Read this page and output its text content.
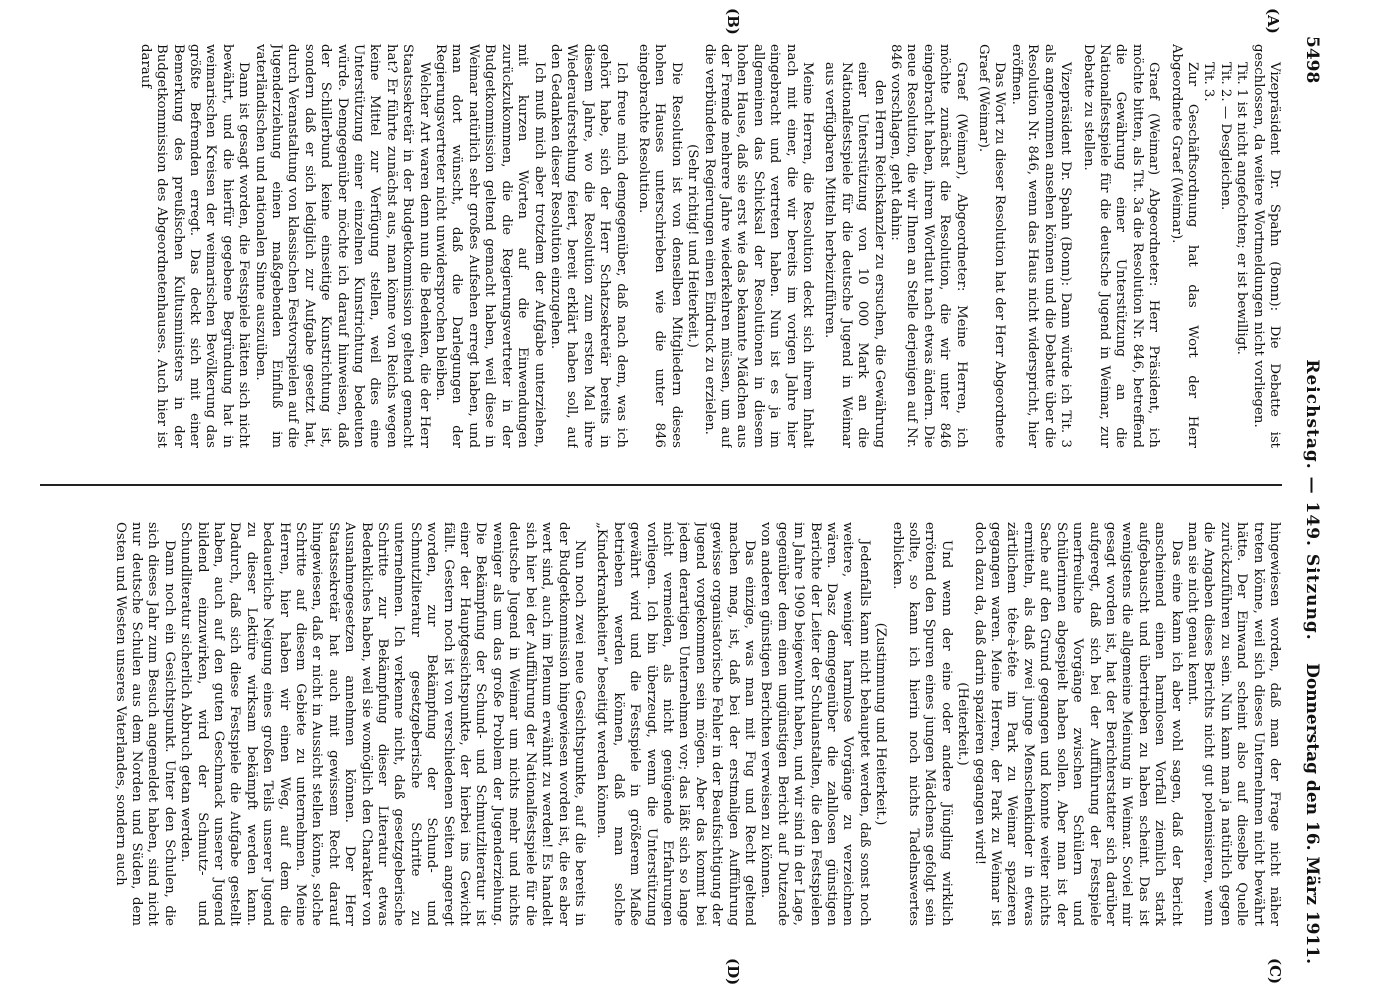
5498
Reichstag. — 149. Sitzung.
Donnerstag den 16. März 1911.
(A)
(B)
(C)
(D)

Vizepräsident Dr. Spahn (Bonn): Die Debatte ist geschlossen, da weitere Wortmeldungen nicht vorliegen.

Tit. 1 ist nicht angefochten; er ist bewilligt.

Tit. 2. — Desgleichen.

Tit. 3.

Zur Geschäftsordnung hat das Wort der Herr Abgeordnete Graef (Weimar).

Graef (Weimar) Abgeordneter: Herr Präsident, ich möchte bitten, als Tit. 3a die Resolution Nr. 846, betreffend die Gewährung einer Unterstützung an die Nationalfestspiele für die deutsche Jugend in Weimar, zur Debatte zu stellen.

Vizepräsident Dr. Spahn (Bonn): Dann würde ich Tit. 3 als angenommen ansehen können und die Debatte über die Resolution Nr. 846, wenn das Haus nicht widerspricht, hier eröffnen.

Das Wort zu dieser Resolution hat der Herr Abgeordnete Graef (Weimar).

Graef (Weimar), Abgeordneter: Meine Herren, ich möchte zunächst die Resolution, die wir unter 846 eingebracht haben, ihrem Wortlaut nach etwas ändern. Die neue Resolution, die wir Ihnen an Stelle derjenigen auf Nr. 846 vorschlagen, geht dahin:

den Herrn Reichskanzler zu ersuchen, die Gewährung einer Unterstützung von 10 000 Mark an die Nationalfestspiele für die deutsche Jugend in Weimar aus verfügbaren Mitteln herbeizuführen.

Meine Herren, die Resolution deckt sich ihrem Inhalt nach mit einer, die wir bereits im vorigen Jahre hier eingebracht und vertreten haben. Nun ist es ja im allgemeinen das Schicksal der Resolutionen in diesem hohen Hause, daß sie erst wie das bekannte Mädchen aus der Fremde mehrere Jahre wiederkehren müssen, um auf die verbündeten Regierungen einen Eindruck zu erzielen.

(Sehr richtig! und Heiterkeit.)

Die Resolution ist von denselben Mitgliedern dieses hohen Hauses unterschrieben wie die unter 846 eingebrachte Resolution.

Ich freue mich demgegenüber, daß nach dem, was ich gehört habe, sich der Herr Schatzsekretär bereits in diesem Jahre, wo die Resolution zum ersten Mal ihre Wiederauferstehung feiert, bereit erklärt haben soll, auf den Gedanken dieser Resolution einzugehen.

Ich muß mich aber trotzdem der Aufgabe unterziehen, mit kurzen Worten auf die Einwendungen zurückzukommen, die die Regierungsvertreter in der Budgetkommission geltend gemacht haben, weil diese in Weimar natürlich sehr großes Aufsehen erregt haben, und man dort wünscht, daß die Darlegungen der Regierungsvertreter nicht unwidersprochen bleiben.

Welcher Art waren denn nun die Bedenken, die der Herr Staatssekretär in der Budgetkommission geltend gemacht hat? Er führte zunächst aus, man könne von Reichs wegen keine Mittel zur Verfügung stellen, weil dies eine Unterstützung einer einzelnen Kunstrichtung bedeuten würde. Demgegenüber möchte ich darauf hinweisen, daß der Schillerbund keine einseitige Kunstrichtung ist, sondern daß er sich lediglich zur Aufgabe gesetzt hat, durch Veranstaltung von klassischen Festvorspielen auf die Jugenderziehung einen maßgebenden Einfluß im vaterländischen und nationalen Sinne auszuüben.

Dann ist gesagt worden, die Festspiele hätten sich nicht bewährt, und die hierfür gegebene Begründung hat in weimarischen Kreisen der weimarischen Bevölkerung das größte Befremden erregt. Das deckt sich mit einer Bemerkung des preußischen Kultusministers in der Budgetkommission des Abgeordnetenhauses. Auch hier ist darauf

hingewiesen worden, daß man der Frage nicht näher treten könne, weil sich dieses Unternehmen nicht bewährt hätte. Der Einwand scheint also auf dieselbe Quelle zurückzuführen zu sein. Nun kann man ja natürlich gegen die Angaben dieses Berichts nicht gut polemisieren, wenn man sie nicht genau kennt.

Das eine kann ich aber wohl sagen, daß der Bericht anscheinend einen harmlosen Vorfall ziemlich stark aufgebauscht und übertrieben zu haben scheint. Das ist wenigstens die allgemeine Meinung in Weimar. Soviel mir gesagt worden ist, hat der Berichterstatter sich darüber aufgeregt, daß sich bei der Aufführung der Festspiele unerfreuliche Vorgänge zwischen Schülern und Schülerinnen abgespielt haben sollen. Aber man ist der Sache auf den Grund gegangen und konnte weiter nichts ermitteln, als daß zwei junge Menschenkinder in etwas zärtlichem tête-à-tête im Park zu Weimar spazieren gegangen waren. Meine Herren, der Park zu Weimar ist doch dazu da, daß darin spazieren gegangen wird!

(Heiterkeit.)

Und wenn der eine oder andere Jüngling wirklich errötend den Spuren eines jungen Mädchens gefolgt sein sollte, so kann ich hierin noch nichts Tadelnswertes erblicken.

(Zustimmung und Heiterkeit.)

Jedenfalls kann nicht behauptet werden, daß sonst noch weitere, weniger harmlose Vorgänge zu verzeichnen wären. Dasz demgegenüber die zahllosen günstigen Berichte der Leiter der Schulanstalten, die den Festspielen im Jahre 1909 beigewohnt haben, und wir sind in der Lage, gegenüber dem einen ungünstigen Bericht auf Dutzende von anderen günstigen Berichten verweisen zu können.

Das einzige, was man mit Fug und Recht geltend machen mag, ist, daß bei der erstmaligen Aufführung gewisse organisatorische Fehler in der Beaufsichtigung der Jugend vorgekommen sein mögen. Aber das kommt bei jedem derartigen Unternehmen vor; das läßt sich so lange nicht vermeiden, als nicht genügende Erfahrungen vorliegen. Ich bin überzeugt, wenn die Unterstützung gewährt wird und die Festspiele in größerem Maße betrieben werden können, daß man solche „Kinderkrankheiten“ beseitigt werden können.

Nun noch zwei neue Gesichtspunkte, auf die bereits in der Budgetkommission hingewiesen worden ist, die es aber wert sind, auch im Plenum erwähnt zu werden! Es handelt sich hier bei der Aufführung der Nationalfestspiele für die deutsche Jugend in Weimar um nichts mehr und nichts weniger als um das große Problem der Jugenderziehung. Die Bekämpfung der Schund- und Schmutzliteratur ist einer der Hauptgesichtspunkte, der hierbei ins Gewicht fällt. Gestern noch ist von verschiedenen Seiten angeregt worden, zur Bekämpfung der Schund- und Schmutzliteratur gesetzgeberische Schritte zu unternehmen. Ich verkenne nicht, daß gesetzgeberische Schritte zur Bekämpfung dieser Literatur etwas Bedenkliches haben, weil sie womöglich den Charakter von Ausnahmegesetzen annehmen können. Der Herr Staatssekretär hat auch mit gewissem Recht darauf hingewiesen, daß er nicht in Aussicht stellen könne, solche Schritte auf diesem Gebiete zu unternehmen. Meine Herren, hier haben wir einen Weg, auf dem die bedauerliche Neigung eines großen Teils unserer Jugend zu dieser Lektüre wirksam bekämpft werden kann. Dadurch, daß sich diese Festspiele die Aufgabe gestellt haben, auch auf den guten Geschmack unserer Jugend bildend einzuwirken, wird der Schmutz- und Schundliteratur sicherlich Abbruch getan werden.

Dann noch ein Gesichtspunkt. Unter den Schulen, die sich dieses Jahr zum Besuch angemeldet haben, sind nicht nur deutsche Schulen aus dem Norden und Süden, dem Osten und Westen unseres Vaterlandes, sondern auch
